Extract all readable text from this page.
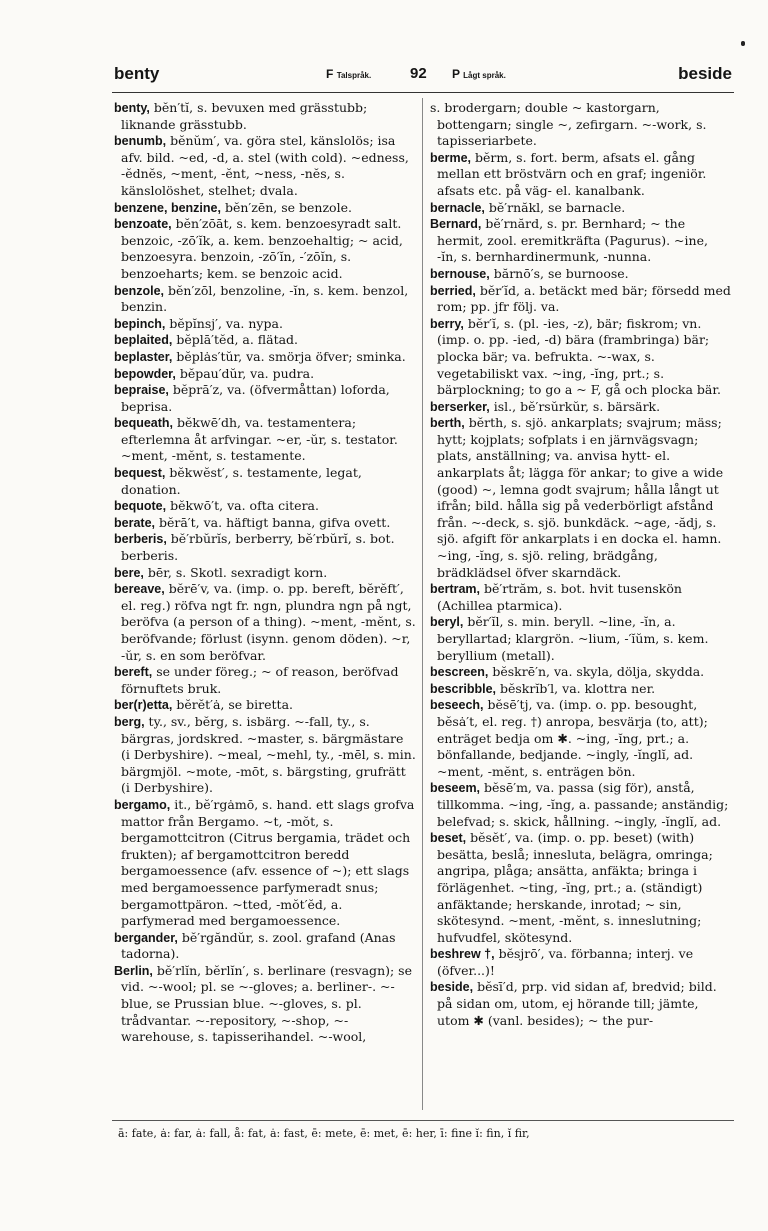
benty	F Talspråk.	92 P Lågt språk.	beside

benty, bĕn′tĭ, s. bevuxen med grässtubb; liknande grässtubb.

benumb, bĕnŭm′, va. göra stel, känslolös; isa afv. bild. ~ed, -d, a. stel (with cold). ~edness, -ĕdnĕs, ~ment, -ĕnt, ~ness, -nĕs, s. känslolöshet, stelhet; dvala.

benzene, benzine, bĕn′zēn, se benzole.

benzoate, bĕn′zōāt, s. kem. benzoesyradt salt. benzoic, -zō′ĭk, a. kem. benzoehaltig; ~ acid, benzoesyra. benzoin, -zō′ĭn, -′zōĭn, s. benzoeharts; kem. se benzoic acid.

benzole, bĕn′zōl, benzoline, -ĭn, s. kem. benzol, benzin.

bepinch, bĕpĭnsj′, va. nypa.

beplaited, bĕplā′tĕd, a. flätad.

beplaster, bĕplȧs′tŭr, va. smörja öfver; sminka.

bepowder, bĕpau′dŭr, va. pudra.

bepraise, bĕprā′z, va. (öfvermåttan) loforda, beprisa.

bequeath, bĕkwē′dh, va. testamentera; efterlemna åt arfvingar. ~er, -ŭr, s. testator. ~ment, -mĕnt, s. testamente.

bequest, bĕkwĕst′, s. testamente, legat, donation.

bequote, bĕkwō′t, va. ofta citera.

berate, bĕrā′t, va. häftigt banna, gifva ovett.

berberis, bĕ′rbŭrĭs, berberry, bĕ′rbŭrĭ, s. bot. berberis.

bere, bēr, s. Skotl. sexradigt korn.

bereave, bĕrē′v, va. (imp. o. pp. bereft, bĕrĕft′, el. reg.) röfva ngt fr. ngn, plundra ngn på ngt, beröfva (a person of a thing). ~ment, -mĕnt, s. beröfvande; förlust (isynn. genom döden). ~r, -ŭr, s. en som beröfvar.

bereft, se under föreg.; ~ of reason, beröfvad förnuftets bruk.

ber(r)etta, bĕrĕt′ȧ, se biretta.

berg, ty., sv., bĕrg, s. isbärg. ~-fall, ty., s. bärgras, jordskred. ~master, s. bärgmästare (i Derbyshire). ~meal, ~mehl, ty., -mēl, s. min. bärgmjöl. ~mote, -mōt, s. bärgsting, grufrätt (i Derbyshire).

bergamo, it., bĕ′rgȧmō, s. hand. ett slags grofva mattor från Bergamo. ~t, -mŏt, s. bergamottcitron (Citrus bergamia, trädet och frukten); af bergamottcitron beredd bergamoessence (afv. essence of ~); ett slags med bergamoessence parfymeradt snus; bergamottpäron. ~tted, -mŏt′ĕd, a. parfymerad med bergamoessence.

bergander, bĕ′rgăndŭr, s. zool. grafand (Anas tadorna).

Berlin, bĕ′rlĭn, bĕrlĭn′, s. berlinare (resvagn); se vid. ~-wool; pl. se ~-gloves; a. berliner-. ~-blue, se Prussian blue. ~-gloves, s. pl. trådvantar. ~-repository, ~-shop, ~-warehouse, s. tapisserihandel. ~-wool,

s. brodergarn; double ~ kastorgarn, bottengarn; single ~, zefirgarn. ~-work, s. tapisseriarbete.

berme, bĕrm, s. fort. berm, afsats el. gång mellan ett bröstvärn och en graf; ingeniör. afsats etc. på väg- el. kanalbank.

bernacle, bĕ′rnăkl, se barnacle.

Bernard, bĕ′rnărd, s. pr. Bernhard; ~ the hermit, zool. eremitkräfta (Pagurus). ~ine, -ĭn, s. bernhardinermunk, -nunna.

bernouse, bărnō′s, se burnoose.

berried, bĕr′ĭd, a. betäckt med bär; försedd med rom; pp. jfr följ. va.

berry, bĕr′ĭ, s. (pl. -ies, -z), bär; fiskrom; vn. (imp. o. pp. -ied, -d) bära (frambringa) bär; plocka bär; va. befrukta. ~-wax, s. vegetabiliskt vax. ~ing, -ĭng, prt.; s. bärplockning; to go a ~ F, gå och plocka bär.

berserker, isl., bĕ′rsŭrkŭr, s. bärsärk.

berth, bĕrth, s. sjö. ankarplats; svajrum; mäss; hytt; kojplats; sofplats i en järnvägsvagn; plats, anställning; va. anvisa hytt- el. ankarplats åt; lägga för ankar; to give a wide (good) ~, lemna godt svajrum; hålla långt ut ifrån; bild. hålla sig på vederbörligt afstånd från. ~-deck, s. sjö. bunkdäck. ~age, -ădj, s. sjö. afgift för ankarplats i en docka el. hamn. ~ing, -ĭng, s. sjö. reling, brädgång, brädklädsel öfver skarndäck.

bertram, bĕ′rtrăm, s. bot. hvit tusenskön (Achillea ptarmica).

beryl, bĕr′ĭl, s. min. beryll. ~line, -ĭn, a. beryllartad; klargrön. ~lium, -′ĭŭm, s. kem. beryllium (metall).

bescreen, bĕskrē′n, va. skyla, dölja, skydda.

bescribble, bĕskrĭb′l, va. klottra ner.

beseech, bĕsē′tj, va. (imp. o. pp. besought, bĕsȧ′t, el. reg. †) anropa, besvärja (to, att); enträget bedja om ✱. ~ing, -ĭng, prt.; a. bönfallande, bedjande. ~ingly, -ĭnglĭ, ad. ~ment, -mĕnt, s. enträgen bön.

beseem, bĕsē′m, va. passa (sig för), anstå, tillkomma. ~ing, -ĭng, a. passande; anständig; belefvad; s. skick, hållning. ~ingly, -ĭnglĭ, ad.

beset, bĕsĕt′, va. (imp. o. pp. beset) (with) besätta, beslå; innesluta, belägra, omringa; angripa, plåga; ansätta, anfäkta; bringa i förlägenhet. ~ting, -ĭng, prt.; a. (ständigt) anfäktande; herskande, inrotad; ~ sin, skötesynd. ~ment, -mĕnt, s. inneslutning; hufvudfel, skötesynd.

beshrew †, bĕsjrō′, va. förbanna; interj. ve (öfver...)!

beside, bĕsī′d, prp. vid sidan af, bredvid; bild. på sidan om, utom, ej hörande till; jämte, utom ✱ (vanl. besides); ~ the pur-

ā: fate, ȧ: far, ȧ: fall, å: fat, ȧ: fast, ē: mete, ē: met, ē: her, ī: fine ĭ: fin, ĭ fir,
